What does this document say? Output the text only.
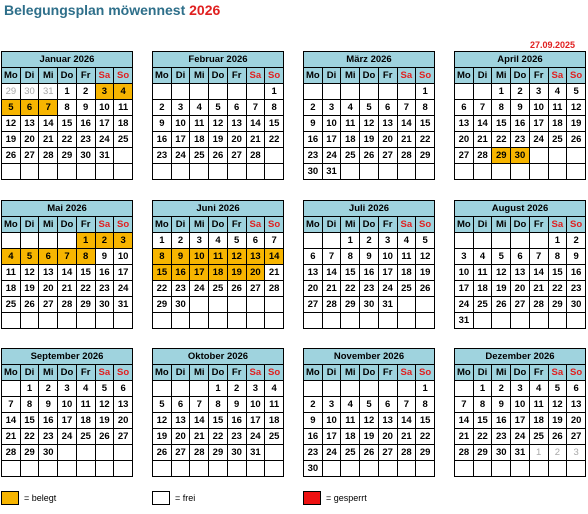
Belegungsplan möwennest 2026
27.09.2025
Januar 2026						
Mo	Di	Mi	Do	Fr	Sa	So
29	30	31	1	2	3	4
5	6	7	8	9	10	11
12	13	14	15	16	17	18
19	20	21	22	23	24	25
26	27	28	29	30	31	

Februar 2026						
Mo	Di	Mi	Do	Fr	Sa	So
						1
2	3	4	5	6	7	8
9	10	11	12	13	14	15
16	17	18	19	20	21	22
23	24	25	26	27	28	

März 2026						
Mo	Di	Mi	Do	Fr	Sa	So
						1
2	3	4	5	6	7	8
9	10	11	12	13	14	15
16	17	18	19	20	21	22
23	24	25	26	27	28	29
30	31					
April 2026						
Mo	Di	Mi	Do	Fr	Sa	So
		1	2	3	4	5
6	7	8	9	10	11	12
13	14	15	16	17	18	19
20	21	22	23	24	25	26
27	28	29	30			

Mai 2026						
Mo	Di	Mi	Do	Fr	Sa	So
				1	2	3
4	5	6	7	8	9	10
11	12	13	14	15	16	17
18	19	20	21	22	23	24
25	26	27	28	29	30	31

Juni 2026						
Mo	Di	Mi	Do	Fr	Sa	So
1	2	3	4	5	6	7
8	9	10	11	12	13	14
15	16	17	18	19	20	21
22	23	24	25	26	27	28
29	30					

Juli 2026						
Mo	Di	Mi	Do	Fr	Sa	So
		1	2	3	4	5
6	7	8	9	10	11	12
13	14	15	16	17	18	19
20	21	22	23	24	25	26
27	28	29	30	31		

August 2026						
Mo	Di	Mi	Do	Fr	Sa	So
					1	2
3	4	5	6	7	8	9
10	11	12	13	14	15	16
17	18	19	20	21	22	23
24	25	26	27	28	29	30
31						
September 2026						
Mo	Di	Mi	Do	Fr	Sa	So
	1	2	3	4	5	6
7	8	9	10	11	12	13
14	15	16	17	18	19	20
21	22	23	24	25	26	27
28	29	30				

Oktober 2026						
Mo	Di	Mi	Do	Fr	Sa	So
			1	2	3	4
5	6	7	8	9	10	11
12	13	14	15	16	17	18
19	20	21	22	23	24	25
26	27	28	29	30	31	

November 2026						
Mo	Di	Mi	Do	Fr	Sa	So
						1
2	3	4	5	6	7	8
9	10	11	12	13	14	15
16	17	18	19	20	21	22
23	24	25	26	27	28	29
30						
Dezember 2026						
Mo	Di	Mi	Do	Fr	Sa	So
	1	2	3	4	5	6
7	8	9	10	11	12	13
14	15	16	17	18	19	20
21	22	23	24	25	26	27
28	29	30	31	1	2	3

= belegt	= frei	= gesperrt
